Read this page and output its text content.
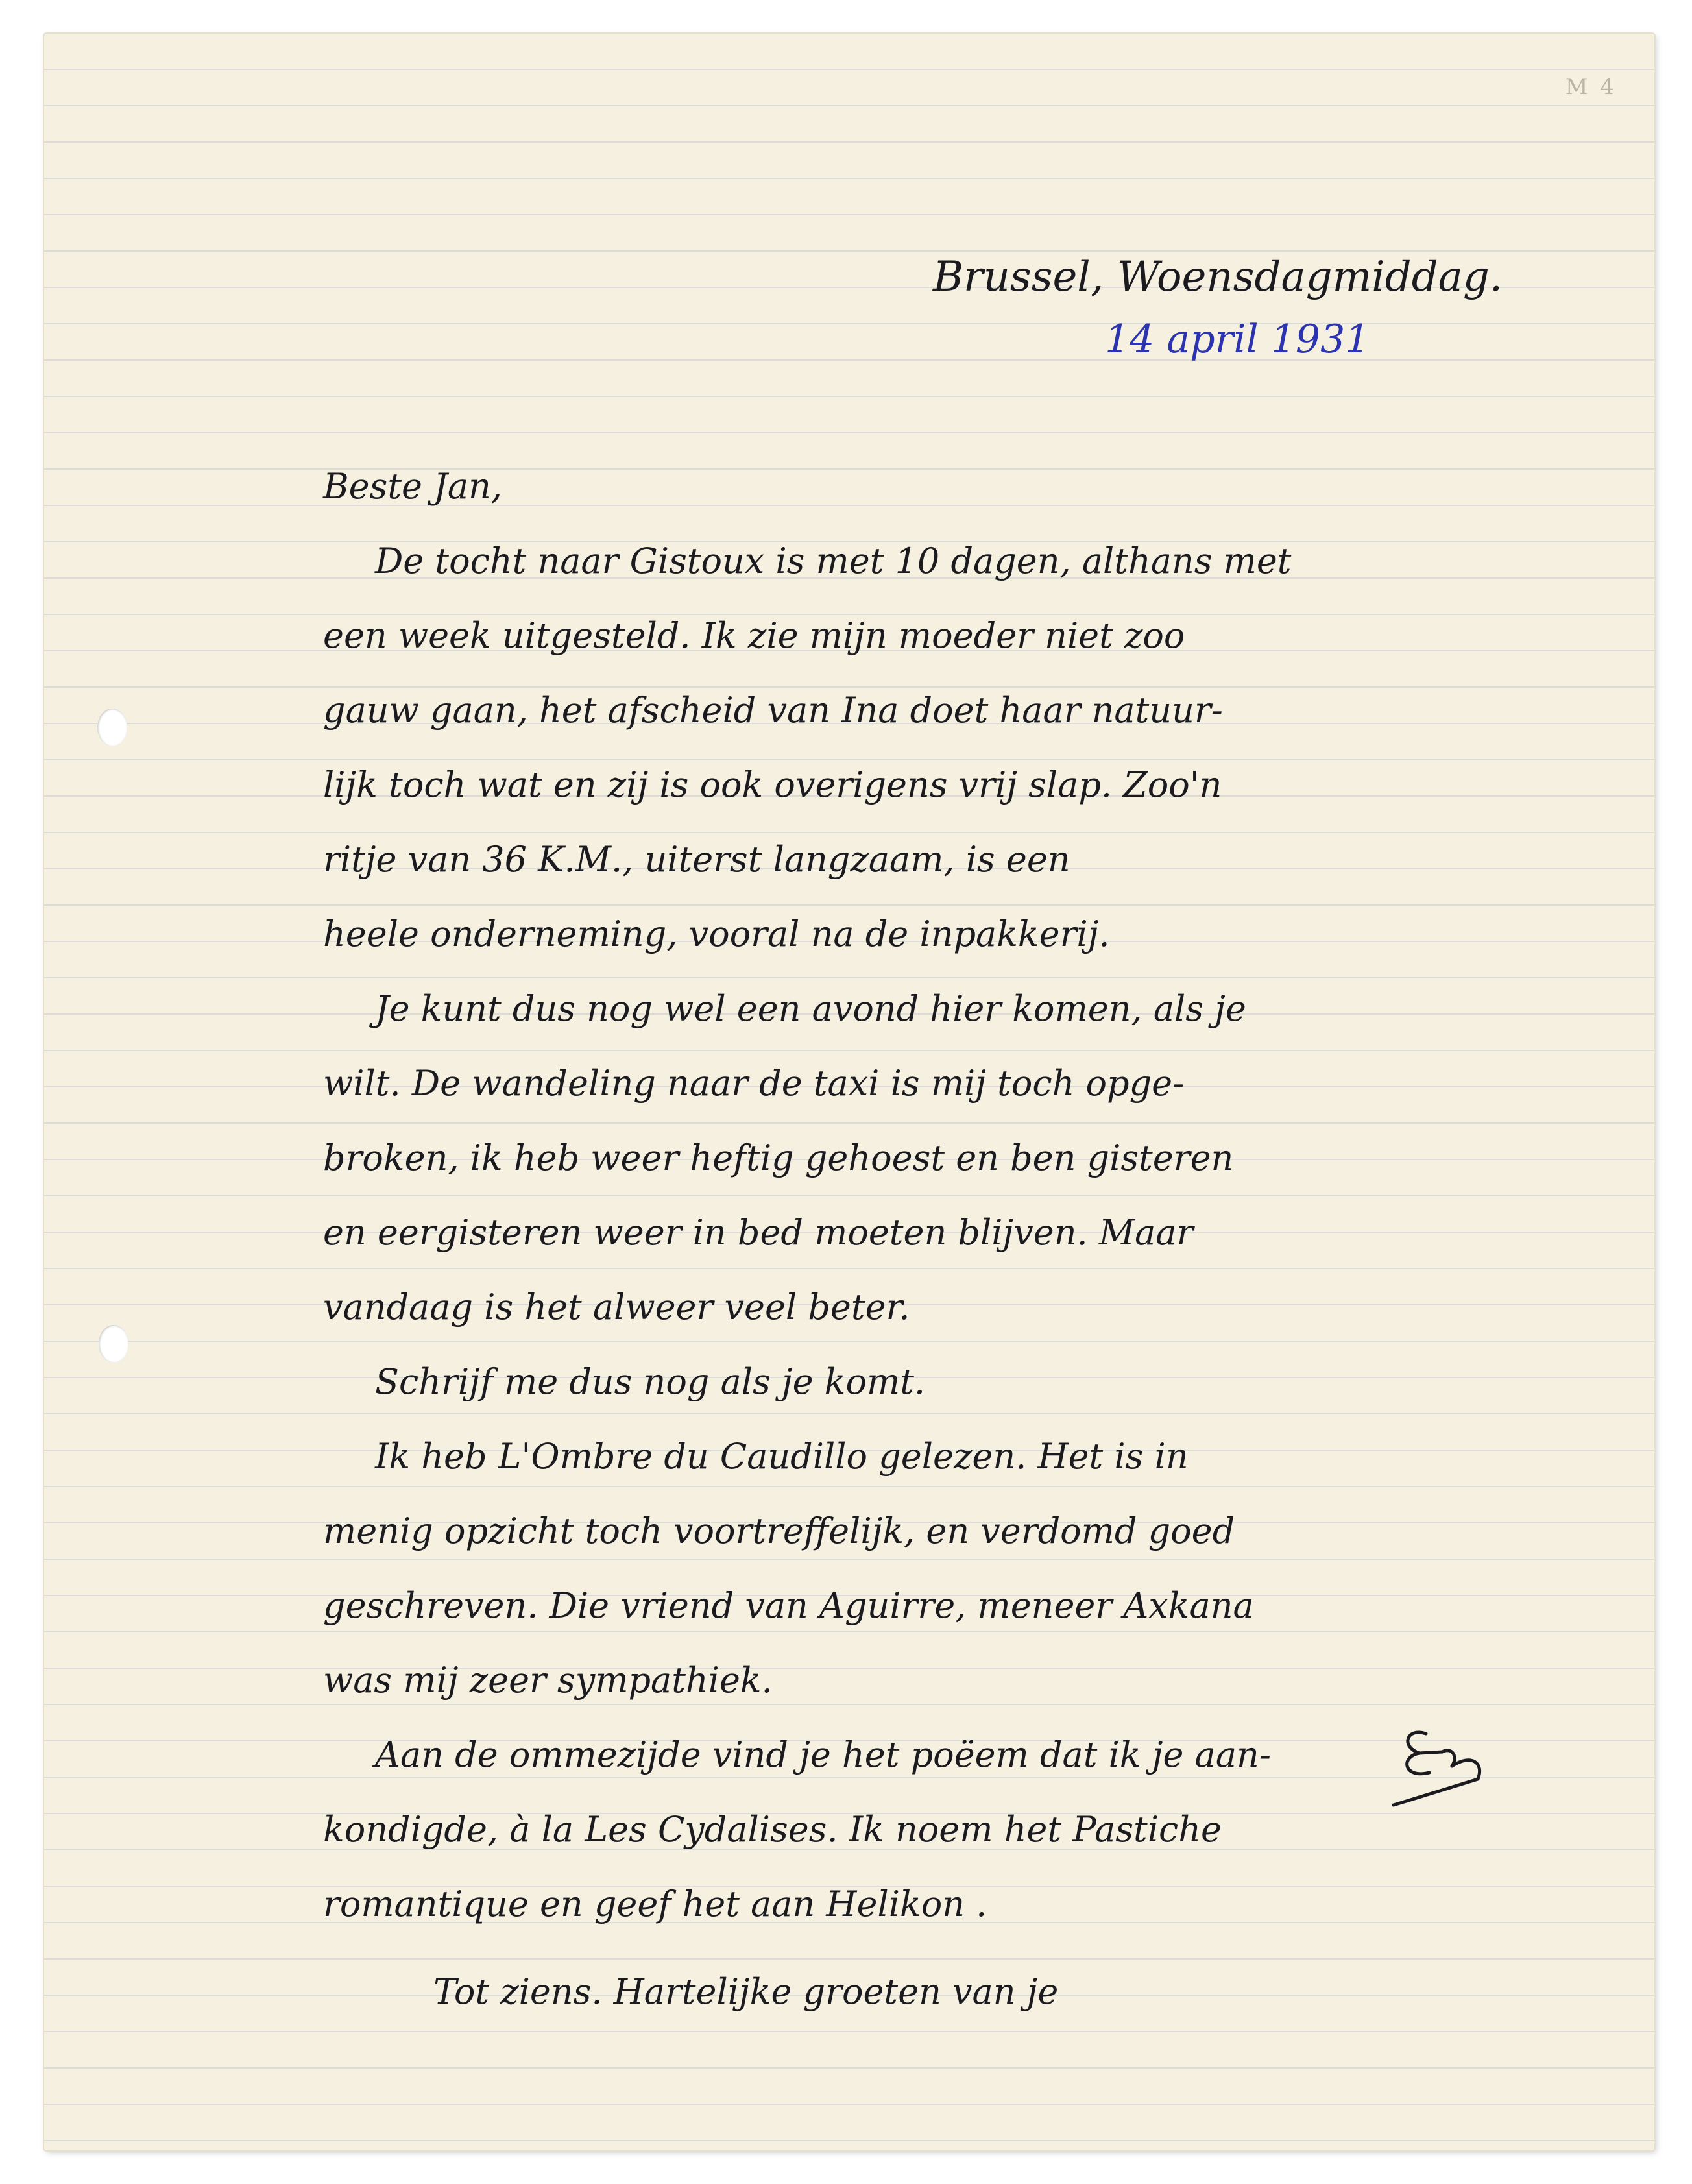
M 4
Brussel, Woensdagmiddag.
14 april 1931
Beste Jan,
De tocht naar Gistoux is met 10 dagen, althans met
een week uitgesteld. Ik zie mijn moeder niet zoo
gauw gaan, het afscheid van Ina doet haar natuur-
lijk toch wat en zij is ook overigens vrij slap. Zoo'n
ritje van 36 K.M., uiterst langzaam, is een
heele onderneming, vooral na de inpakkerij.
Je kunt dus nog wel een avond hier komen, als je
wilt. De wandeling naar de taxi is mij toch opge-
broken, ik heb weer heftig gehoest en ben gisteren
en eergisteren weer in bed moeten blijven. Maar
vandaag is het alweer veel beter.
Schrijf me dus nog als je komt.
Ik heb L'Ombre du Caudillo gelezen. Het is in
menig opzicht toch voortreffelijk, en verdomd goed
geschreven. Die vriend van Aguirre, meneer Axkana
was mij zeer sympathiek.
Aan de ommezijde vind je het poëem dat ik je aan-
kondigde, à la Les Cydalises. Ik noem het Pastiche
romantique en geef het aan Helikon .
Tot ziens. Hartelijke groeten van je
